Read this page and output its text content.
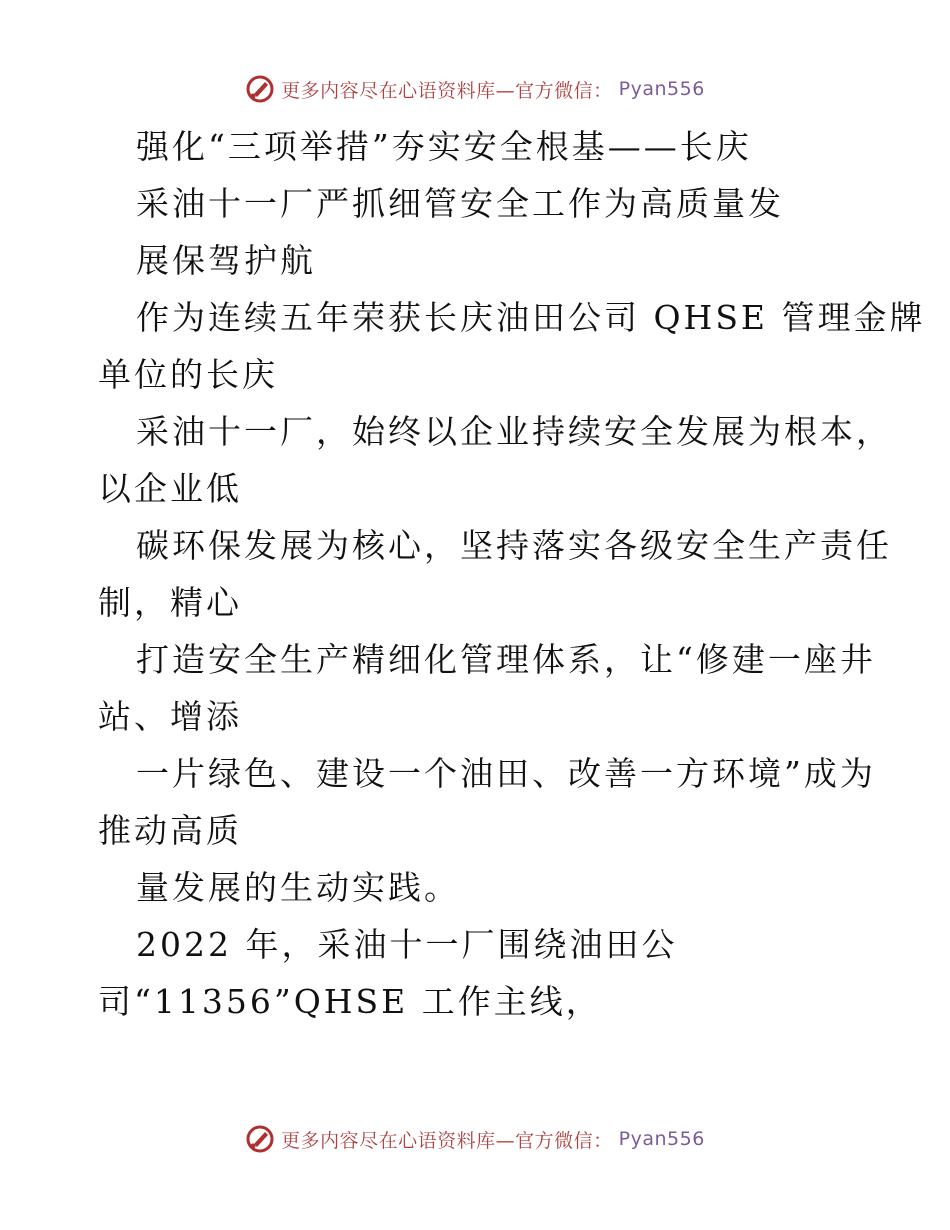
更多内容尽在心语资料库—官方微信： Pyan556
强化“三项举措”夯实安全根基——长庆
采油十一厂严抓细管安全工作为高质量发
展保驾护航
作为连续五年荣获长庆油田公司 QHSE 管理金牌
单位的长庆
采油十一厂，始终以企业持续安全发展为根本，
以企业低
碳环保发展为核心，坚持落实各级安全生产责任
制，精心
打造安全生产精细化管理体系，让“修建一座井
站、增添
一片绿色、建设一个油田、改善一方环境”成为
推动高质
量发展的生动实践。
2022 年，采油十一厂围绕油田公
司“11356”QHSE 工作主线，
更多内容尽在心语资料库—官方微信： Pyan556
